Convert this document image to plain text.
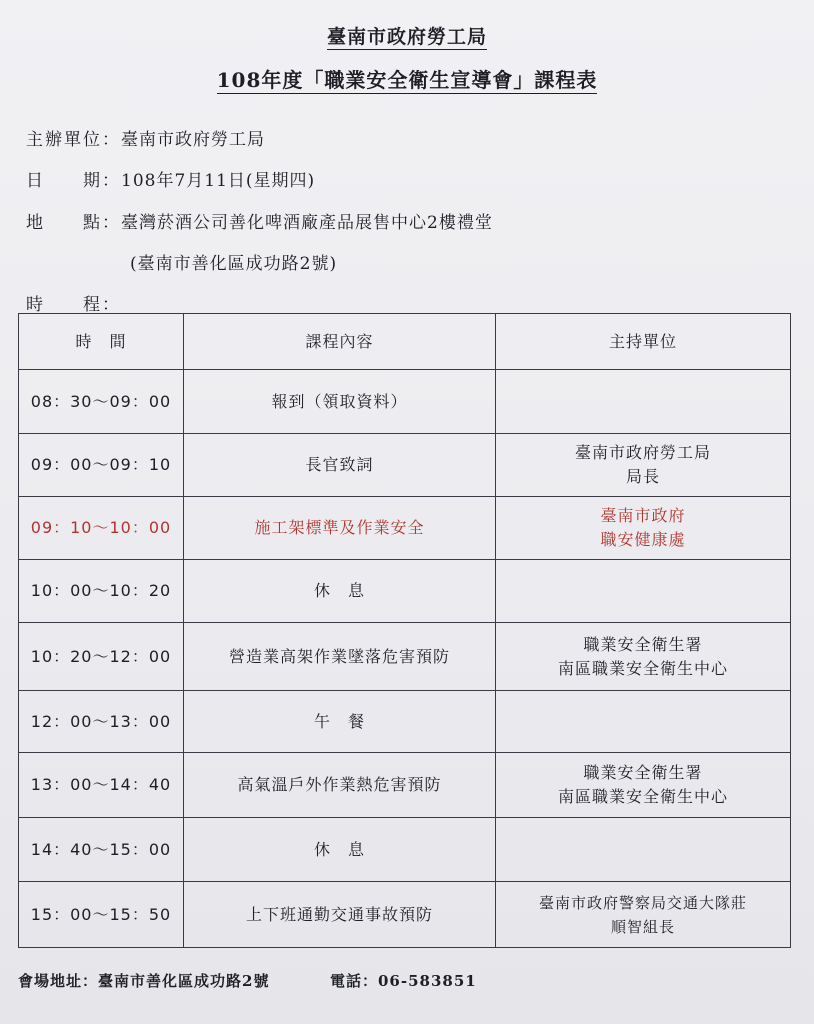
臺南市政府勞工局
108年度「職業安全衛生宣導會」課程表
主辦單位：臺南市政府勞工局
日　　期：108年7月11日(星期四)
地　　點：臺灣菸酒公司善化啤酒廠產品展售中心2樓禮堂
(臺南市善化區成功路2號)
時　　程：
時　間	課程內容	主持單位
08：30～09：00	報到（領取資料）	

09：00～09：10	長官致詞	臺南市政府勞工局
局長

09：10～10：00	施工架標準及作業安全	臺南市政府
職安健康處

10：00～10：20	休　息	

10：20～12：00	營造業高架作業墜落危害預防	職業安全衛生署
南區職業安全衛生中心

12：00～13：00	午　餐	

13：00～14：40	高氣溫戶外作業熱危害預防	職業安全衛生署
南區職業安全衛生中心

14：40～15：00	休　息	

15：00～15：50	上下班通勤交通事故預防	臺南市政府警察局交通大隊莊
順智組長
會場地址：臺南市善化區成功路2號	電話：06-583851
